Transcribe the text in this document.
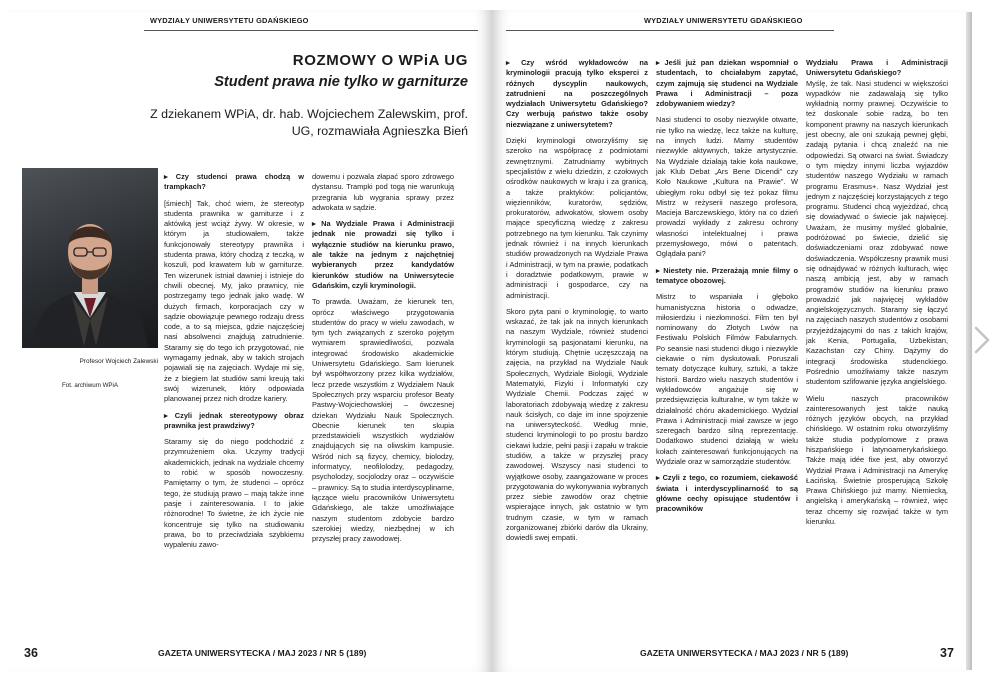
WYDZIAŁY UNIWERSYTETU GDAŃSKIEGO
ROZMOWY O WPiA UG
Student prawa nie tylko w garniturze
Z dziekanem WPiA, dr. hab. Wojciechem Zalewskim, prof. UG, rozmawiała Agnieszka Bień
Profesor Wojciech Zalewski
Fot. archiwum WPiA
▸ Czy studenci prawa chodzą w trampkach?

[śmiech] Tak, choć wiem, że stereotyp studenta prawnika w garniturze i z aktówką jest wciąż żywy. W okresie, w którym ja studiowałem, także funkcjonowały stereotypy prawnika i studenta prawa, który chodzą z teczką, w koszuli, pod krawatem lub w garniturze. Ten wizerunek istniał dawniej i istnieje do chwili obecnej. My, jako prawnicy, nie postrzegamy tego jednak jako wadę. W dużych firmach, korporacjach czy w sądzie obowiązuje pewnego rodzaju dress code, a to są miejsca, gdzie najczęściej nasi absolwenci znajdują zatrudnienie. Staramy się do tego ich przygotować, nie wymagamy jednak, aby w takich strojach pojawiali się na zajęciach. Wydaje mi się, że z biegiem lat studiów sami kreują taki swój wizerunek, który odpowiada planowanej przez nich drodze kariery.

▸ Czyli jednak stereotypowy obraz prawnika jest prawdziwy?

Staramy się do niego podchodzić z przymrużeniem oka. Uczymy tradycji akademickich, jednak na wydziale chcemy to robić w sposób nowoczesny. Pamiętamy o tym, że studenci – oprócz tego, że studiują prawo – mają także inne pasje i zainteresowania. I to jakie różnorodne! To świetne, że ich życie nie koncentruje się tylko na studiowaniu prawa, bo to przeciwdziała szybkiemu wypaleniu zawo-

dowemu i pozwala złapać sporo zdrowego dystansu. Trampki pod togą nie warunkują przegrania lub wygrania sprawy przez adwokata w sądzie.

▸ Na Wydziale Prawa i Administracji jednak nie prowadzi się tylko i wyłącznie studiów na kierunku prawo, ale także na jednym z najchętniej wybieranych przez kandydatów kierunków studiów na Uniwersytecie Gdańskim, czyli kryminologii.

To prawda. Uważam, że kierunek ten, oprócz właściwego przygotowania studentów do pracy w wielu zawodach, w tym tych związanych z szeroko pojętym wymiarem sprawiedliwości, pozwala integrować środowisko akademickie Uniwersytetu Gdańskiego. Sam kierunek był współtworzony przez kilka wydziałów, lecz przede wszystkim z Wydziałem Nauk Społecznych przy wsparciu profesor Beaty Pastwy-Wojciechowskiej – ówczesnej dziekan Wydziału Nauk Społecznych. Obecnie kierunek ten skupia przedstawicieli wszystkich wydziałów znajdujących się na oliwskim kampusie. Wśród nich są fizycy, chemicy, biolodzy, informatycy, neofilolodzy, pedagodzy, psycholodzy, socjolodzy oraz – oczywiście – prawnicy. Są to studia interdyscyplinarne, łączące wielu pracowników Uniwersytetu Gdańskiego, ale także umożliwiające naszym studentom zdobycie bardzo szerokiej wiedzy, niezbędnej w ich przyszłej pracy zawodowej.

36	GAZETA UNIWERSYTECKA / MAJ 2023 / NR 5 (189)
WYDZIAŁY UNIWERSYTETU GDAŃSKIEGO
▸ Czy wśród wykładowców na kryminologii pracują tylko eksperci z różnych dyscyplin naukowych, zatrudnieni na poszczególnych wydziałach Uniwersytetu Gdańskiego? Czy werbują państwo także osoby niezwiązane z uniwersytetem?

Dzięki kryminologii otworzyliśmy się szeroko na współpracę z podmiotami zewnętrznymi. Zatrudniamy wybitnych specjalistów z wielu dziedzin, z czołowych ośrodków naukowych w kraju i za granicą, a także praktyków: policjantów, więzienników, kuratorów, sędziów, prokuratorów, adwokatów, słowem osoby mające specyficzną wiedzę z zakresu potrzebnego na tym kierunku. Tak czynimy jednak również i na innych kierunkach studiów prowadzonych na Wydziale Prawa i Administracji, w tym na prawie, podatkach i doradztwie podatkowym, prawie w administracji i gospodarce, czy na administracji.

Skoro pyta pani o kryminologię, to warto wskazać, że tak jak na innych kierunkach na naszym Wydziale, również studenci kryminologii są pasjonatami kierunku, na którym studiują. Chętnie uczęszczają na zajęcia, na przykład na Wydziale Nauk Społecznych, Wydziale Biologii, Wydziale Matematyki, Fizyki i Informatyki czy Wydziale Chemii. Podczas zajęć w laboratoriach zdobywają wiedzę z zakresu nauk ścisłych, co daje im inne spojrzenie na uniwersyteckość. Według mnie, studenci kryminologii to po prostu bardzo ciekawi ludzie, pełni pasji i zapału w trakcie studiów, a także w przyszłej pracy zawodowej. Wszyscy nasi studenci to wyjątkowe osoby, zaangażowane w proces przygotowania do wykonywania wybranych przez siebie zawodów oraz chętnie wspierające innych, jak ostatnio w tym trudnym czasie, w tym w ramach zorganizowanej zbiórki darów dla Ukrainy, dowiedli swej empatii.

▸ Jeśli już pan dziekan wspomniał o studentach, to chciałabym zapytać, czym zajmują się studenci na Wydziale Prawa i Administracji – poza zdobywaniem wiedzy?

Nasi studenci to osoby niezwykle otwarte, nie tylko na wiedzę, lecz także na kulturę, na innych ludzi. Mamy studentów niezwykle aktywnych, także artystycznie. Na Wydziale działają takie koła naukowe, jak Klub Debat „Ars Bene Dicendi” czy Koło Naukowe „Kultura na Prawie”. W ubiegłym roku odbył się też pokaz filmu Mistrz w reżyserii naszego profesora, Macieja Barczewskiego, który na co dzień prowadzi wykłady z zakresu ochrony własności intelektualnej i prawa przemysłowego, mówi o patentach. Oglądała pani?

▸ Niestety nie. Przerażają mnie filmy o tematyce obozowej.

Mistrz to wspaniała i głęboko humanistyczna historia o odwadze, miłosierdziu i niezłomności. Film ten był nominowany do Złotych Lwów na Festiwalu Polskich Filmów Fabularnych. Po seansie nasi studenci długo i niezwykle ciekawie o nim dyskutowali. Poruszali tematy dotyczące kultury, sztuki, a także historii. Bardzo wielu naszych studentów i wykładowców angażuje się w przedsięwzięcia kulturalne, w tym także w działalność chóru akademickiego. Wydział Prawa i Administracji miał zawsze w jego szeregach bardzo silną reprezentację. Dodatkowo studenci działają w wielu kołach zainteresowań funkcjonujących na Wydziale oraz w samorządzie studentów.

▸ Czyli z tego, co rozumiem, ciekawość świata i interdyscyplinarność to są główne cechy opisujące studentów i pracowników
Wydziału Prawa i Administracji Uniwersytetu Gdańskiego?

Myślę, że tak. Nasi studenci w większości wypadków nie zadawalają się tylko wykładnią normy prawnej. Oczywiście to też doskonale sobie radzą, bo ten komponent prawny na naszych kierunkach jest obecny, ale oni szukają pewnej głębi, zadają pytania i chcą znaleźć na nie odpowiedzi. Są otwarci na świat. Świadczy o tym między innymi liczba wyjazdów studentów naszego Wydziału w ramach programu Erasmus+. Nasz Wydział jest jednym z najczęściej korzystających z tego programu. Studenci chcą wyjeżdżać, chcą się dowiadywać o świecie jak najwięcej. Uważam, że musimy myśleć globalnie, podróżować po świecie, dzielić się doświadczeniami oraz zdobywać nowe doświadczenia. Współczesny prawnik musi się odnajdywać w różnych kulturach, więc naszą ambicją jest, aby w ramach programów studiów na kierunku prawo prowadzić jak najwięcej wykładów angielskojęzycznych. Staramy się łączyć na zajęciach naszych studentów z osobami przyjeżdżającymi do nas z takich krajów, jak Kenia, Portugalia, Uzbekistan, Kazachstan czy Chiny. Dążymy do integracji środowiska studenckiego. Pośrednio umożliwiamy także naszym studentom szlifowanie języka angielskiego.

Wielu naszych pracowników zainteresowanych jest także nauką różnych języków obcych, na przykład chińskiego. W ostatnim roku otworzyliśmy także studia podyplomowe z prawa hiszpańskiego i latynoamerykańskiego. Także mają idée fixe jest, aby otworzyć Wydział Prawa i Administracji na Amerykę Łacińską. Świetnie prosperującą Szkołę Prawa Chińskiego już mamy. Niemiecką, angielską i amerykańską – również, więc teraz chcemy się rozwijać także w tym kierunku.

GAZETA UNIWERSYTECKA / MAJ 2023 / NR 5 (189)	37
